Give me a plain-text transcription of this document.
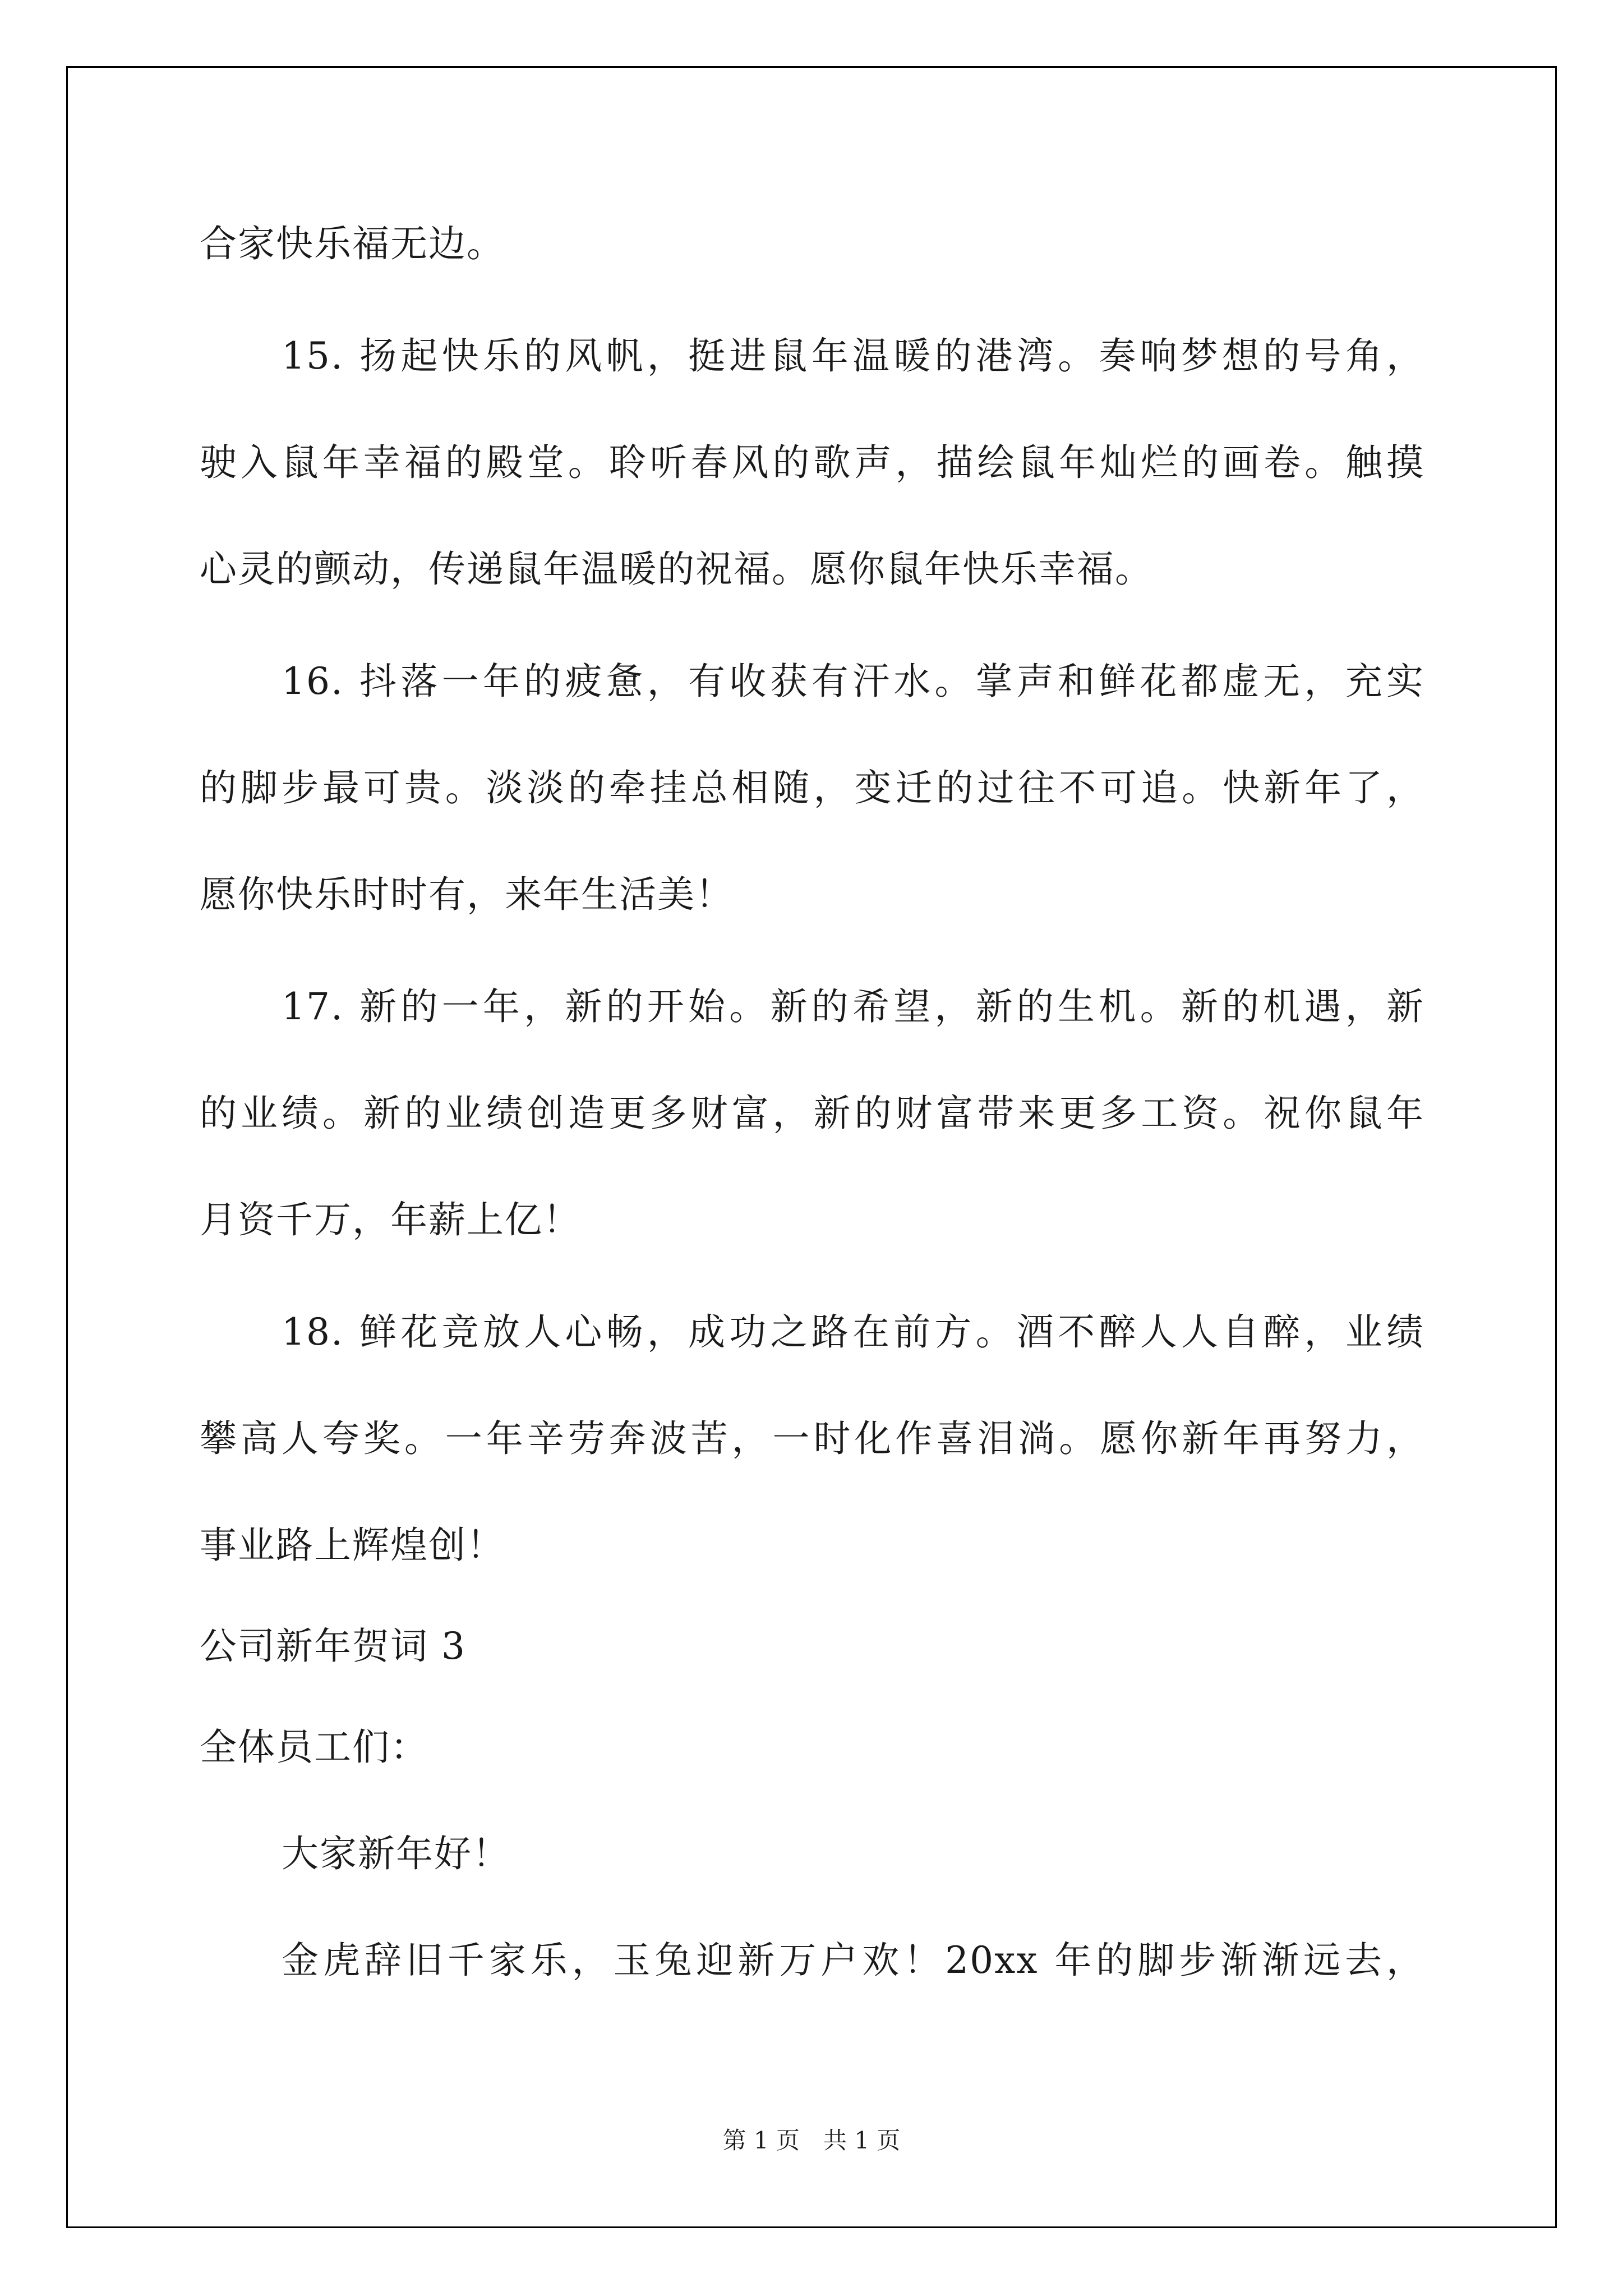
合家快乐福无边。
15. 扬起快乐的风帆，挺进鼠年温暖的港湾。奏响梦想的号角，
驶入鼠年幸福的殿堂。聆听春风的歌声，描绘鼠年灿烂的画卷。触摸
心灵的颤动，传递鼠年温暖的祝福。愿你鼠年快乐幸福。
16. 抖落一年的疲惫，有收获有汗水。掌声和鲜花都虚无，充实
的脚步最可贵。淡淡的牵挂总相随，变迁的过往不可追。快新年了，
愿你快乐时时有，来年生活美！
17. 新的一年，新的开始。新的希望，新的生机。新的机遇，新
的业绩。新的业绩创造更多财富，新的财富带来更多工资。祝你鼠年
月资千万，年薪上亿！
18. 鲜花竞放人心畅，成功之路在前方。酒不醉人人自醉，业绩
攀高人夸奖。一年辛劳奔波苦，一时化作喜泪淌。愿你新年再努力，
事业路上辉煌创！
公司新年贺词 3
全体员工们：
大家新年好！
金虎辞旧千家乐，玉兔迎新万户欢！20xx 年的脚步渐渐远去，
第 1 页　共 1 页
